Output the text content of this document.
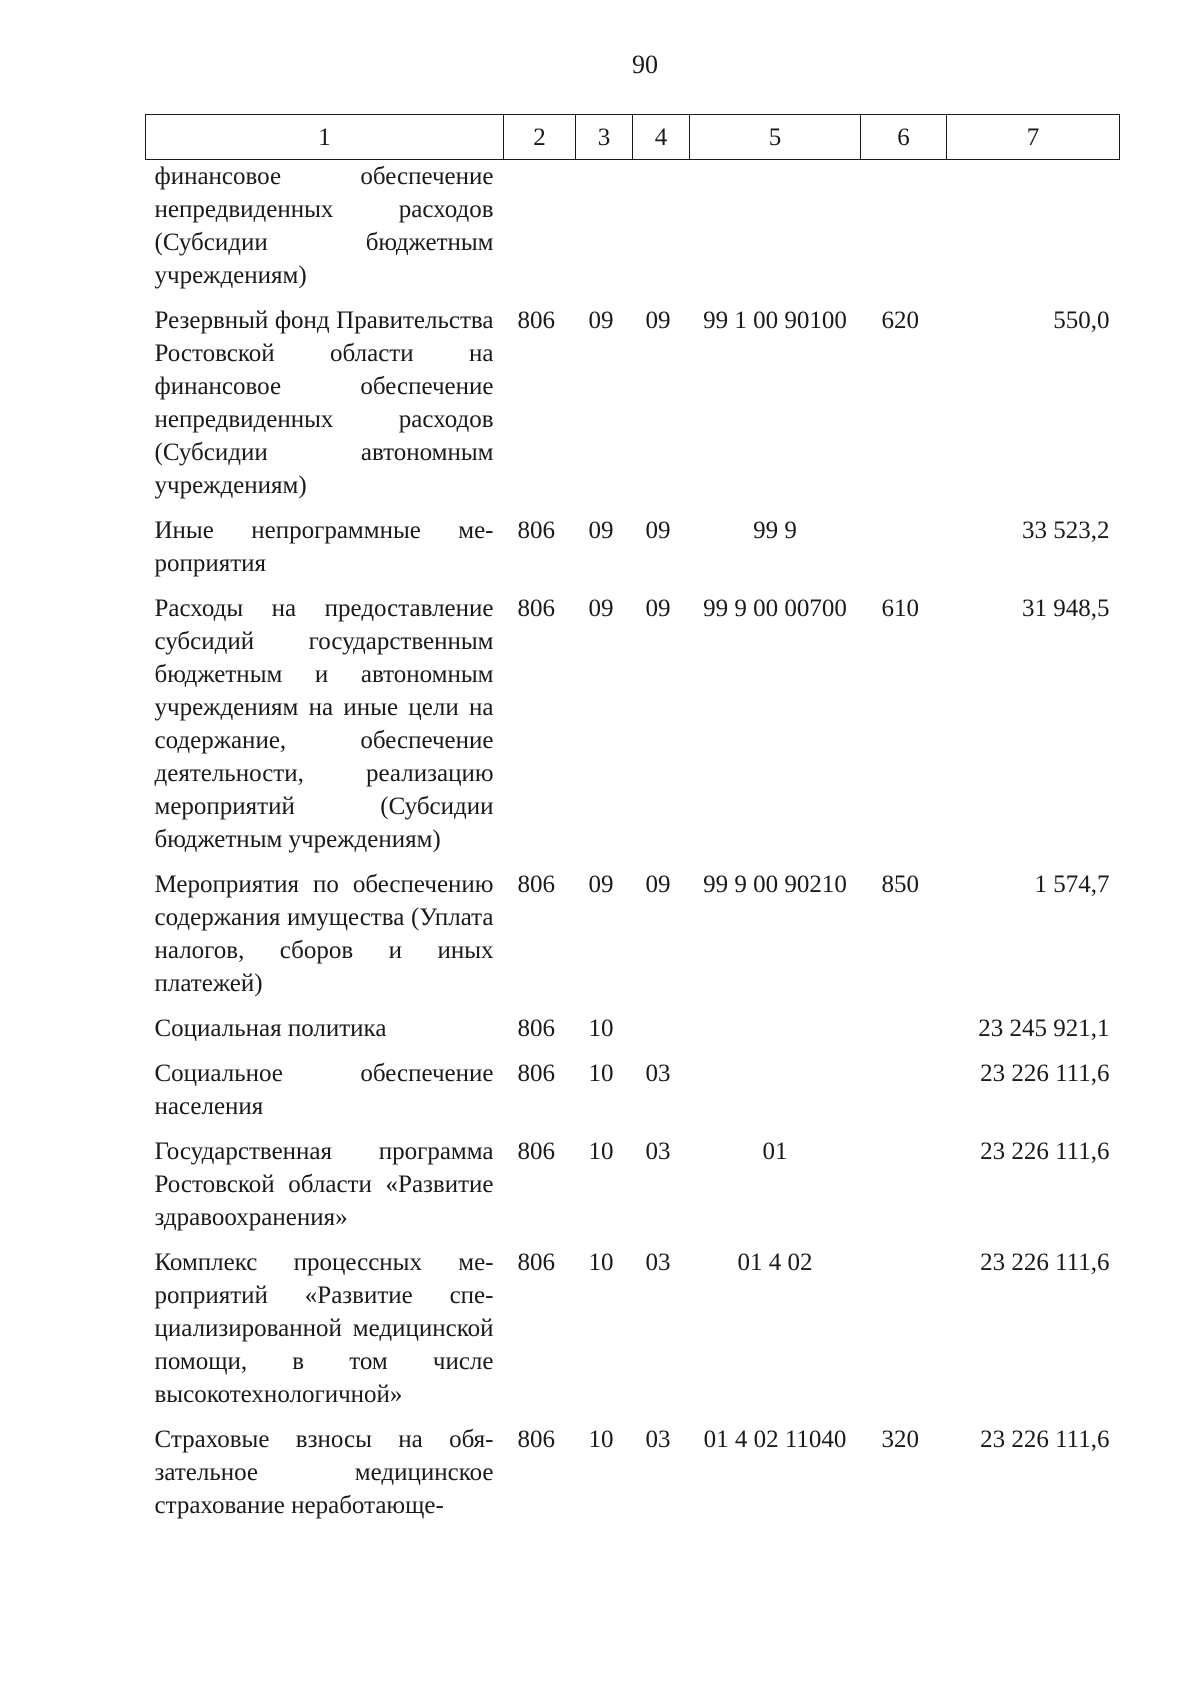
90
1	2	3	4	5	6	7

финансовое обеспечение непредвиденных расходов (Субсидии бюджетным учреждениям)						

Резервный фонд Правительства Ростовской области на финансовое обеспечение непредвиденных расходов (Субсидии автономным учреждениям)	806	09	09	99 1 00 90100	620	550,0

Иные непрограммные мероприятия	806	09	09	99 9		33 523,2

Расходы на предоставление субсидий государственным бюджетным и автономным учреждениям на иные цели на содержание, обеспечение деятельности, реализацию мероприятий (Субсидии бюджетным учреждениям)	806	09	09	99 9 00 00700	610	31 948,5

Мероприятия по обеспечению содержания имущества (Уплата налогов, сборов и иных платежей)	806	09	09	99 9 00 90210	850	1 574,7

Социальная политика	806	10				23 245 921,1

Социальное обеспечение населения	806	10	03			23 226 111,6

Государственная программа Ростовской области «Развитие здравоохранения»	806	10	03	01		23 226 111,6

Комплекс процессных мероприятий «Развитие специализированной медицинской помощи, в том числе высокотехнологичной»	806	10	03	01 4 02		23 226 111,6

Страховые взносы на обязательное медицинское страхование неработающе-	806	10	03	01 4 02 11040	320	23 226 111,6
